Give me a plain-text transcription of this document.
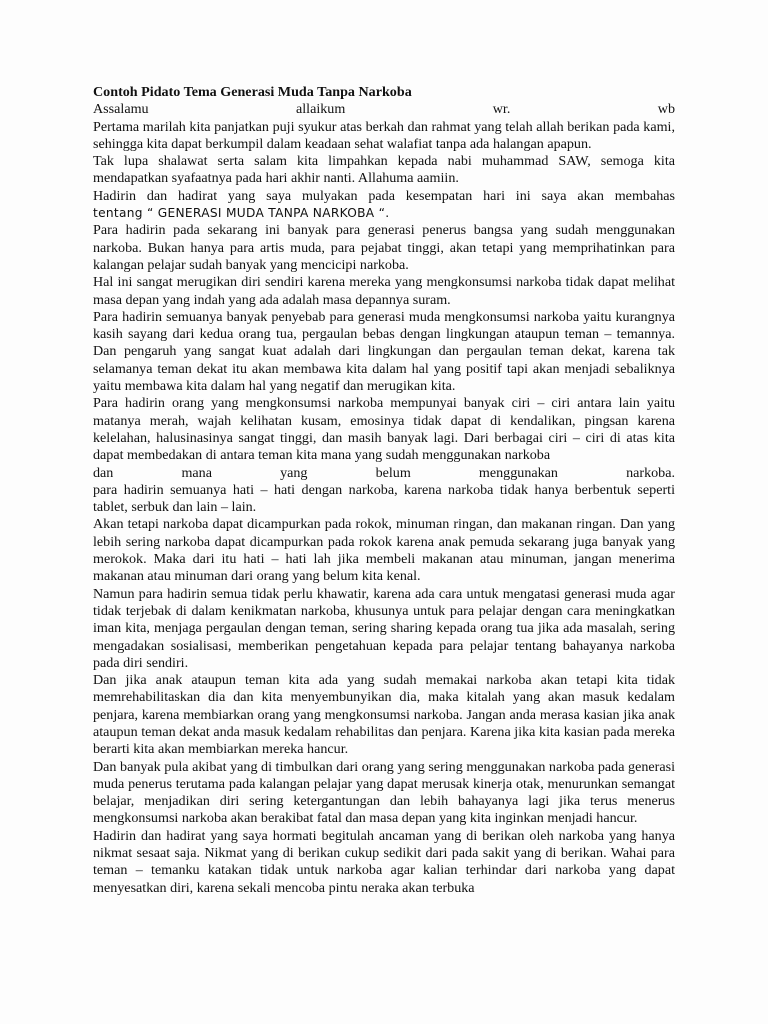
Contoh Pidato Tema Generasi Muda Tanpa Narkoba
Assalamu allaikum wr. wb
Pertama marilah kita panjatkan puji syukur atas berkah dan rahmat yang telah allah berikan pada kami, sehingga kita dapat berkumpil dalam keadaan sehat walafiat tanpa ada halangan apapun.
Tak lupa shalawat serta salam kita limpahkan kepada nabi muhammad SAW, semoga kita mendapatkan syafaatnya pada hari akhir nanti. Allahuma aamiin.
Hadirin dan hadirat yang saya mulyakan pada kesempatan hari ini saya akan membahas
tentang “ GENERASI MUDA TANPA NARKOBA “.
Para hadirin pada sekarang ini banyak para generasi penerus bangsa yang sudah menggunakan narkoba. Bukan hanya para artis muda, para pejabat tinggi, akan tetapi yang memprihatinkan para kalangan pelajar sudah banyak yang mencicipi narkoba.
Hal ini sangat merugikan diri sendiri karena mereka yang mengkonsumsi narkoba tidak dapat melihat masa depan yang indah yang ada adalah masa depannya suram.
Para hadirin semuanya banyak penyebab para generasi muda mengkonsumsi narkoba yaitu kurangnya kasih sayang dari kedua orang tua, pergaulan bebas dengan lingkungan ataupun teman – temannya. Dan pengaruh yang sangat kuat adalah dari lingkungan dan pergaulan teman dekat, karena tak selamanya teman dekat itu akan membawa kita dalam hal yang positif tapi akan menjadi sebaliknya yaitu membawa kita dalam hal yang negatif dan merugikan kita.
Para hadirin orang yang mengkonsumsi narkoba mempunyai banyak ciri – ciri antara lain yaitu matanya merah, wajah kelihatan kusam, emosinya tidak dapat di kendalikan, pingsan karena kelelahan, halusinasinya sangat tinggi, dan masih banyak lagi. Dari berbagai ciri – ciri di atas kita dapat membedakan di antara teman kita mana yang sudah menggunakan narkoba
dan mana yang belum menggunakan narkoba.
para hadirin semuanya hati – hati dengan narkoba, karena narkoba tidak hanya berbentuk seperti tablet, serbuk dan lain – lain.
Akan tetapi narkoba dapat dicampurkan pada rokok, minuman ringan, dan makanan ringan. Dan yang lebih sering narkoba dapat dicampurkan pada rokok karena anak pemuda sekarang juga banyak yang merokok. Maka dari itu hati – hati lah jika membeli makanan atau minuman, jangan menerima makanan atau minuman dari orang yang belum kita kenal.
Namun para hadirin semua tidak perlu khawatir, karena ada cara untuk mengatasi generasi muda agar tidak terjebak di dalam kenikmatan narkoba, khusunya untuk para pelajar dengan cara meningkatkan iman kita, menjaga pergaulan dengan teman, sering sharing kepada orang tua jika ada masalah, sering mengadakan sosialisasi, memberikan pengetahuan kepada para pelajar tentang bahayanya narkoba pada diri sendiri.
Dan jika anak ataupun teman kita ada yang sudah memakai narkoba akan tetapi kita tidak memrehabilitaskan dia dan kita menyembunyikan dia, maka kitalah yang akan masuk kedalam penjara, karena membiarkan orang yang mengkonsumsi narkoba. Jangan anda merasa kasian jika anak ataupun teman dekat anda masuk kedalam rehabilitas dan penjara. Karena jika kita kasian pada mereka berarti kita akan membiarkan mereka hancur.
Dan banyak pula akibat yang di timbulkan dari orang yang sering menggunakan narkoba pada generasi muda penerus terutama pada kalangan pelajar yang dapat merusak kinerja otak, menurunkan semangat belajar, menjadikan diri sering ketergantungan dan lebih bahayanya lagi jika terus menerus mengkonsumsi narkoba akan berakibat fatal dan masa depan yang kita inginkan menjadi hancur.
Hadirin dan hadirat yang saya hormati begitulah ancaman yang di berikan oleh narkoba yang hanya nikmat sesaat saja. Nikmat yang di berikan cukup sedikit dari pada sakit yang di berikan. Wahai para teman – temanku katakan tidak untuk narkoba agar kalian terhindar dari narkoba yang dapat menyesatkan diri, karena sekali mencoba pintu neraka akan terbuka
